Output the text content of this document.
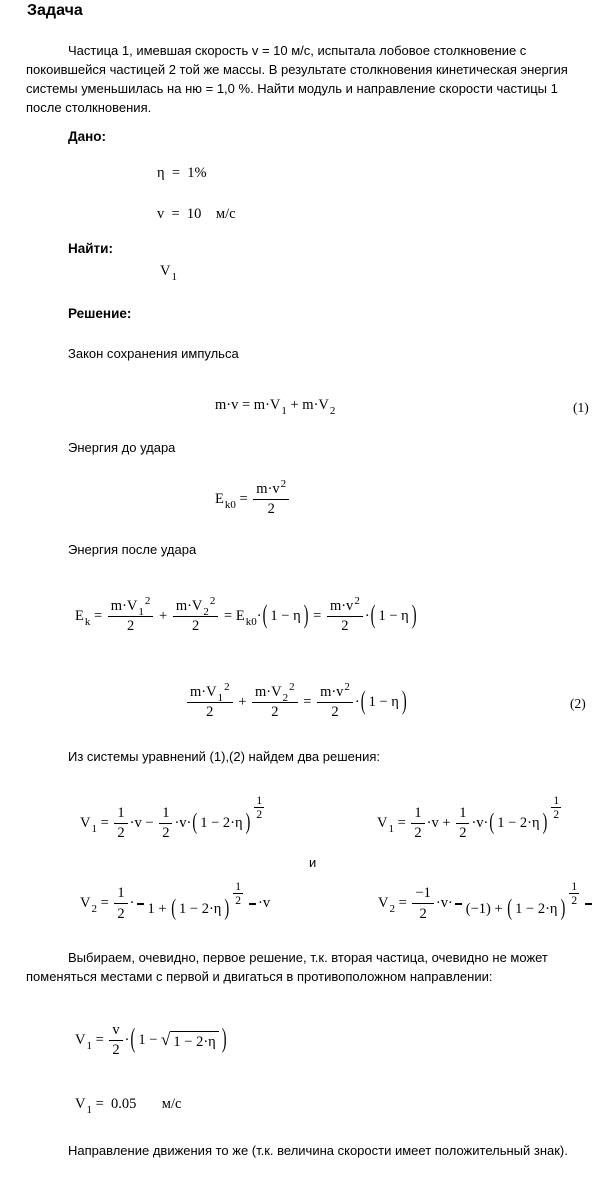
Задача

Частица 1, имевшая скорость v = 10 м/с, испытала лобовое столкновение с покоившейся частицей 2 той же массы. В результате столкновения кинетическая энергия системы уменьшилась на ню = 1,0 %. Найти модуль и направление скорости частицы 1 после столкновения.

Дано:
η  =  1%
v  =  10    м/с
Найти:
V1
Решение:
Закон сохранения импульса
m·v = m·V1 + m·V2	(1)
Энергия до удара
$Ek0 = \frac{m\cdot v2}{2}$
Энергия после удара
$Ek = \frac{m\cdot V12}{2} + \frac{m\cdot V22}{2} = Ek0\cdot$( 1 − η ) = $\frac{m\cdot v2}{2}$ ·( 1 − η )
$\frac{m\cdot V12}{2} + \frac{m\cdot V22}{2} = \frac{m\cdot v2}{2}$ ·( 1 − η )	(2)
Из системы уравнений (1),(2) найдем два решения:
$V1 = \frac{1}{2} \cdot v - \frac{1}{2} \cdot v\cdot$( 1 − 2·η )
$\frac{1}{2}$
$V1 = \frac{1}{2} \cdot v + \frac{1}{2} \cdot v\cdot$( 1 − 2·η )
$\frac{1}{2}$
и
$V2 = \frac{1}{2} \cdot 1$ + ( 1 − 2·η )
$\frac{1}{2} \cdot v$	$V2 = \frac{-1}{2} \cdot v\cdot (-1)$ + ( 1 − 2·η )
$\frac{1}{2}$

Выбираем, очевидно, первое решение, т.к. вторая частица, очевидно не может поменяться местами с первой и двигаться в противоположном направлении:

$V1 = \frac{v}{2}$ ·( 1 − √ 1 − 2·η )
V1 =  0.05       м/с

Направление движения то же (т.к. величина скорости имеет положительный знак).
